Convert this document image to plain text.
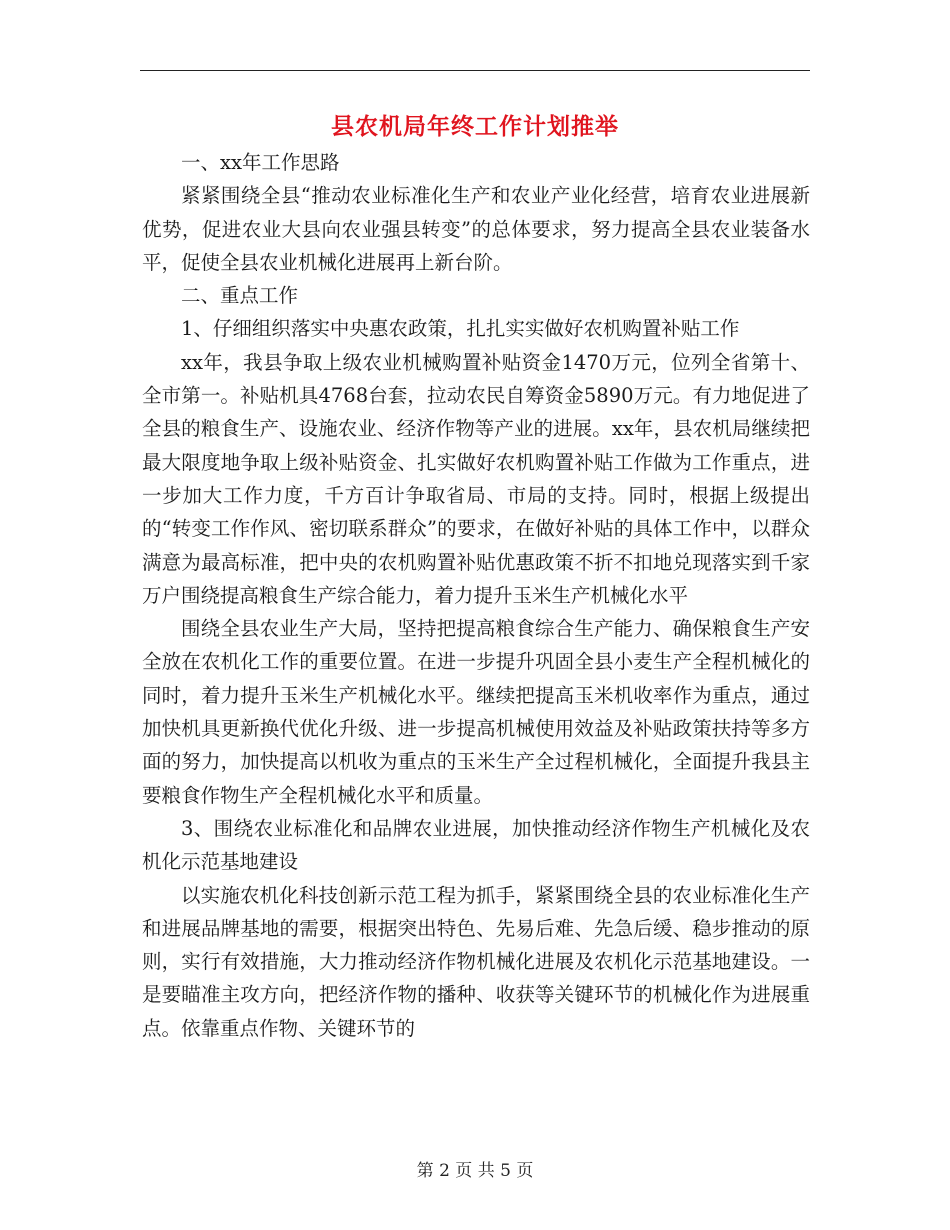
县农机局年终工作计划推举

一、xx年工作思路

紧紧围绕全县“推动农业标准化生产和农业产业化经营，培育农业进展新优势，促进农业大县向农业强县转变”的总体要求，努力提高全县农业装备水平，促使全县农业机械化进展再上新台阶。

二、重点工作

1、仔细组织落实中央惠农政策，扎扎实实做好农机购置补贴工作

xx年，我县争取上级农业机械购置补贴资金1470万元，位列全省第十、全市第一。补贴机具4768台套，拉动农民自筹资金5890万元。有力地促进了全县的粮食生产、设施农业、经济作物等产业的进展。xx年，县农机局继续把最大限度地争取上级补贴资金、扎实做好农机购置补贴工作做为工作重点，进一步加大工作力度，千方百计争取省局、市局的支持。同时，根据上级提出的“转变工作作风、密切联系群众”的要求，在做好补贴的具体工作中，以群众满意为最高标准，把中央的农机购置补贴优惠政策不折不扣地兑现落实到千家万户围绕提高粮食生产综合能力，着力提升玉米生产机械化水平

围绕全县农业生产大局，坚持把提高粮食综合生产能力、确保粮食生产安全放在农机化工作的重要位置。在进一步提升巩固全县小麦生产全程机械化的同时，着力提升玉米生产机械化水平。继续把提高玉米机收率作为重点，通过加快机具更新换代优化升级、进一步提高机械使用效益及补贴政策扶持等多方面的努力，加快提高以机收为重点的玉米生产全过程机械化，全面提升我县主要粮食作物生产全程机械化水平和质量。

3、围绕农业标准化和品牌农业进展，加快推动经济作物生产机械化及农机化示范基地建设

以实施农机化科技创新示范工程为抓手，紧紧围绕全县的农业标准化生产和进展品牌基地的需要，根据突出特色、先易后难、先急后缓、稳步推动的原则，实行有效措施，大力推动经济作物机械化进展及农机化示范基地建设。一是要瞄准主攻方向，把经济作物的播种、收获等关键环节的机械化作为进展重点。依靠重点作物、关键环节的

第 2 页 共 5 页
